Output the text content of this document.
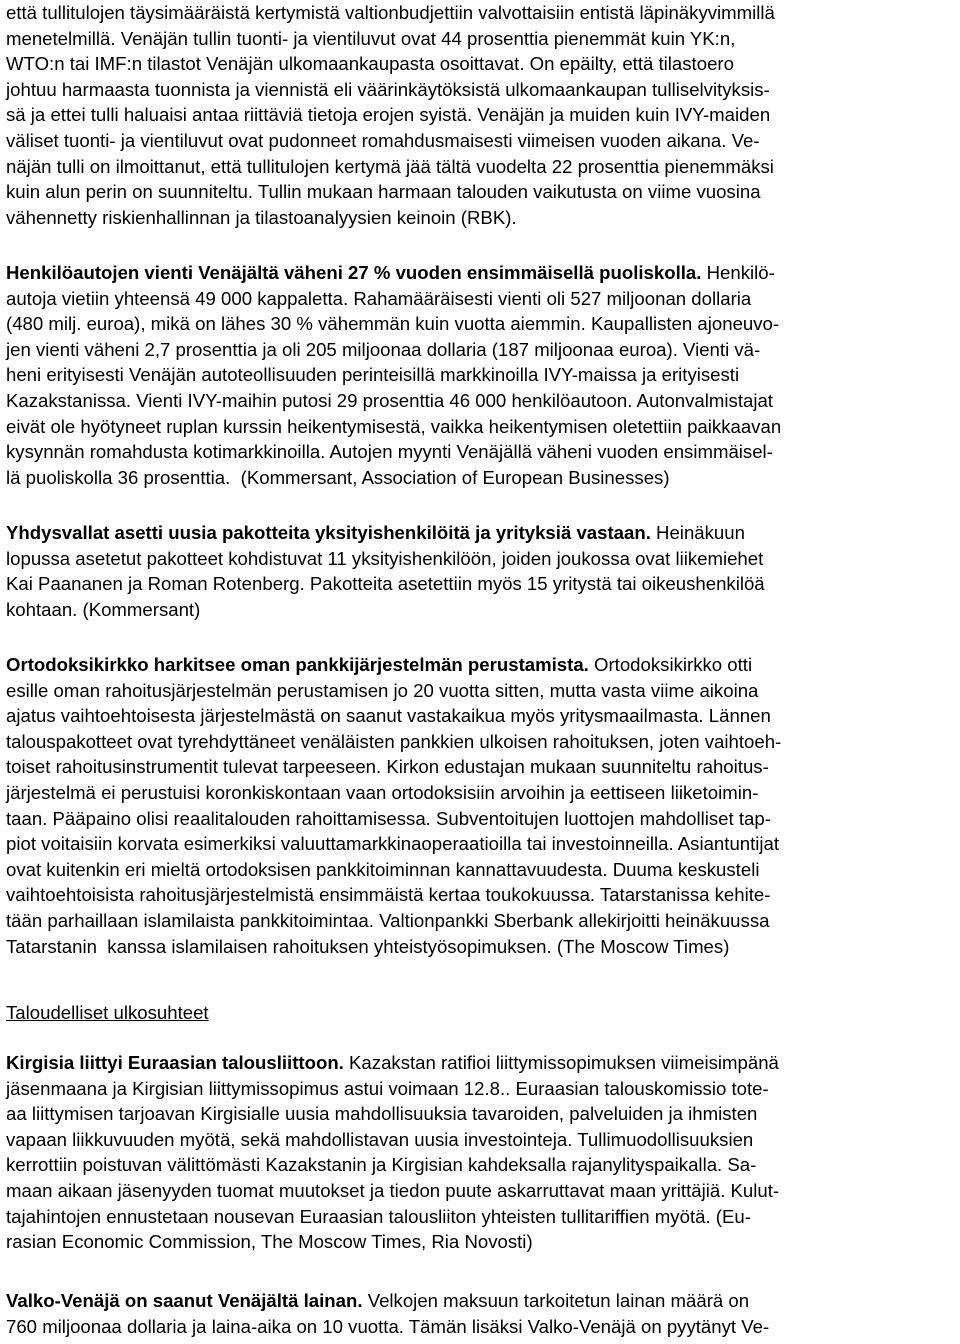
että tullitulojen täysimääräistä kertymistä valtionbudjettiin valvottaisiin entistä läpinäkyvimmillä
menetelmillä. Venäjän tullin tuonti- ja vientiluvut ovat 44 prosenttia pienemmät kuin YK:n,
WTO:n tai IMF:n tilastot Venäjän ulkomaankaupasta osoittavat. On epäilty, että tilastoero
johtuu harmaasta tuonnista ja viennistä eli väärinkäytöksistä ulkomaankaupan tulliselvityksis-
sä ja ettei tulli haluaisi antaa riittäviä tietoja erojen syistä. Venäjän ja muiden kuin IVY-maiden
väliset tuonti- ja vientiluvut ovat pudonneet romahdusmaisesti viimeisen vuoden aikana. Ve-
näjän tulli on ilmoittanut, että tullitulojen kertymä jää tältä vuodelta 22 prosenttia pienemmäksi
kuin alun perin on suunniteltu. Tullin mukaan harmaan talouden vaikutusta on viime vuosina
vähennetty riskienhallinnan ja tilastoanalyysien keinoin (RBK).
Henkilöautojen vienti Venäjältä väheni 27 % vuoden ensimmäisellä puoliskolla. Henkilö-
autoja vietiin yhteensä 49 000 kappaletta. Rahamääräisesti vienti oli 527 miljoonan dollaria
(480 milj. euroa), mikä on lähes 30 % vähemmän kuin vuotta aiemmin. Kaupallisten ajoneuvo-
jen vienti väheni 2,7 prosenttia ja oli 205 miljoonaa dollaria (187 miljoonaa euroa). Vienti vä-
heni erityisesti Venäjän autoteollisuuden perinteisillä markkinoilla IVY-maissa ja erityisesti
Kazakstanissa. Vienti IVY-maihin putosi 29 prosenttia 46 000 henkilöautoon. Autonvalmistajat
eivät ole hyötyneet ruplan kurssin heikentymisestä, vaikka heikentymisen oletettiin paikkaavan
kysynnän romahdusta kotimarkkinoilla. Autojen myynti Venäjällä väheni vuoden ensimmäisel-
lä puoliskolla 36 prosenttia.  (Kommersant, Association of European Businesses)
Yhdysvallat asetti uusia pakotteita yksityishenkilöitä ja yrityksiä vastaan. Heinäkuun
lopussa asetetut pakotteet kohdistuvat 11 yksityishenkilöön, joiden joukossa ovat liikemiehet
Kai Paananen ja Roman Rotenberg. Pakotteita asetettiin myös 15 yritystä tai oikeushenkilöä
kohtaan. (Kommersant)
Ortodoksikirkko harkitsee oman pankkijärjestelmän perustamista. Ortodoksikirkko otti
esille oman rahoitusjärjestelmän perustamisen jo 20 vuotta sitten, mutta vasta viime aikoina
ajatus vaihtoehtoisesta järjestelmästä on saanut vastakaikua myös yritysmaailmasta. Lännen
talouspakotteet ovat tyrehdyttäneet venäläisten pankkien ulkoisen rahoituksen, joten vaihtoeh-
toiset rahoitusinstrumentit tulevat tarpeeseen. Kirkon edustajan mukaan suunniteltu rahoitus-
järjestelmä ei perustuisi koronkiskontaan vaan ortodoksisiin arvoihin ja eettiseen liiketoimin-
taan. Pääpaino olisi reaalitalouden rahoittamisessa. Subventoitujen luottojen mahdolliset tap-
piot voitaisiin korvata esimerkiksi valuuttamarkkinaoperaatioilla tai investoinneilla. Asiantuntijat
ovat kuitenkin eri mieltä ortodoksisen pankkitoiminnan kannattavuudesta. Duuma keskusteli
vaihtoehtoisista rahoitusjärjestelmistä ensimmäistä kertaa toukokuussa. Tatarstanissa kehite-
tään parhaillaan islamilaista pankkitoimintaa. Valtionpankki Sberbank allekirjoitti heinäkuussa
Tatarstanin  kanssa islamilaisen rahoituksen yhteistyösopimuksen. (The Moscow Times)
Taloudelliset ulkosuhteet
Kirgisia liittyi Euraasian talousliittoon. Kazakstan ratifioi liittymissopimuksen viimeisimpänä
jäsenmaana ja Kirgisian liittymissopimus astui voimaan 12.8.. Euraasian talouskomissio tote-
aa liittymisen tarjoavan Kirgisialle uusia mahdollisuuksia tavaroiden, palveluiden ja ihmisten
vapaan liikkuvuuden myötä, sekä mahdollistavan uusia investointeja. Tullimuodollisuuksien
kerrottiin poistuvan välittömästi Kazakstanin ja Kirgisian kahdeksalla rajanylityspaikalla. Sa-
maan aikaan jäsenyyden tuomat muutokset ja tiedon puute askarruttavat maan yrittäjiä. Kulut-
tajahintojen ennustetaan nousevan Euraasian talousliiton yhteisten tullitariffien myötä. (Eu-
rasian Economic Commission, The Moscow Times, Ria Novosti)
Valko-Venäjä on saanut Venäjältä lainan. Velkojen maksuun tarkoitetun lainan määrä on
760 miljoonaa dollaria ja laina-aika on 10 vuotta. Tämän lisäksi Valko-Venäjä on pyytänyt Ve-
